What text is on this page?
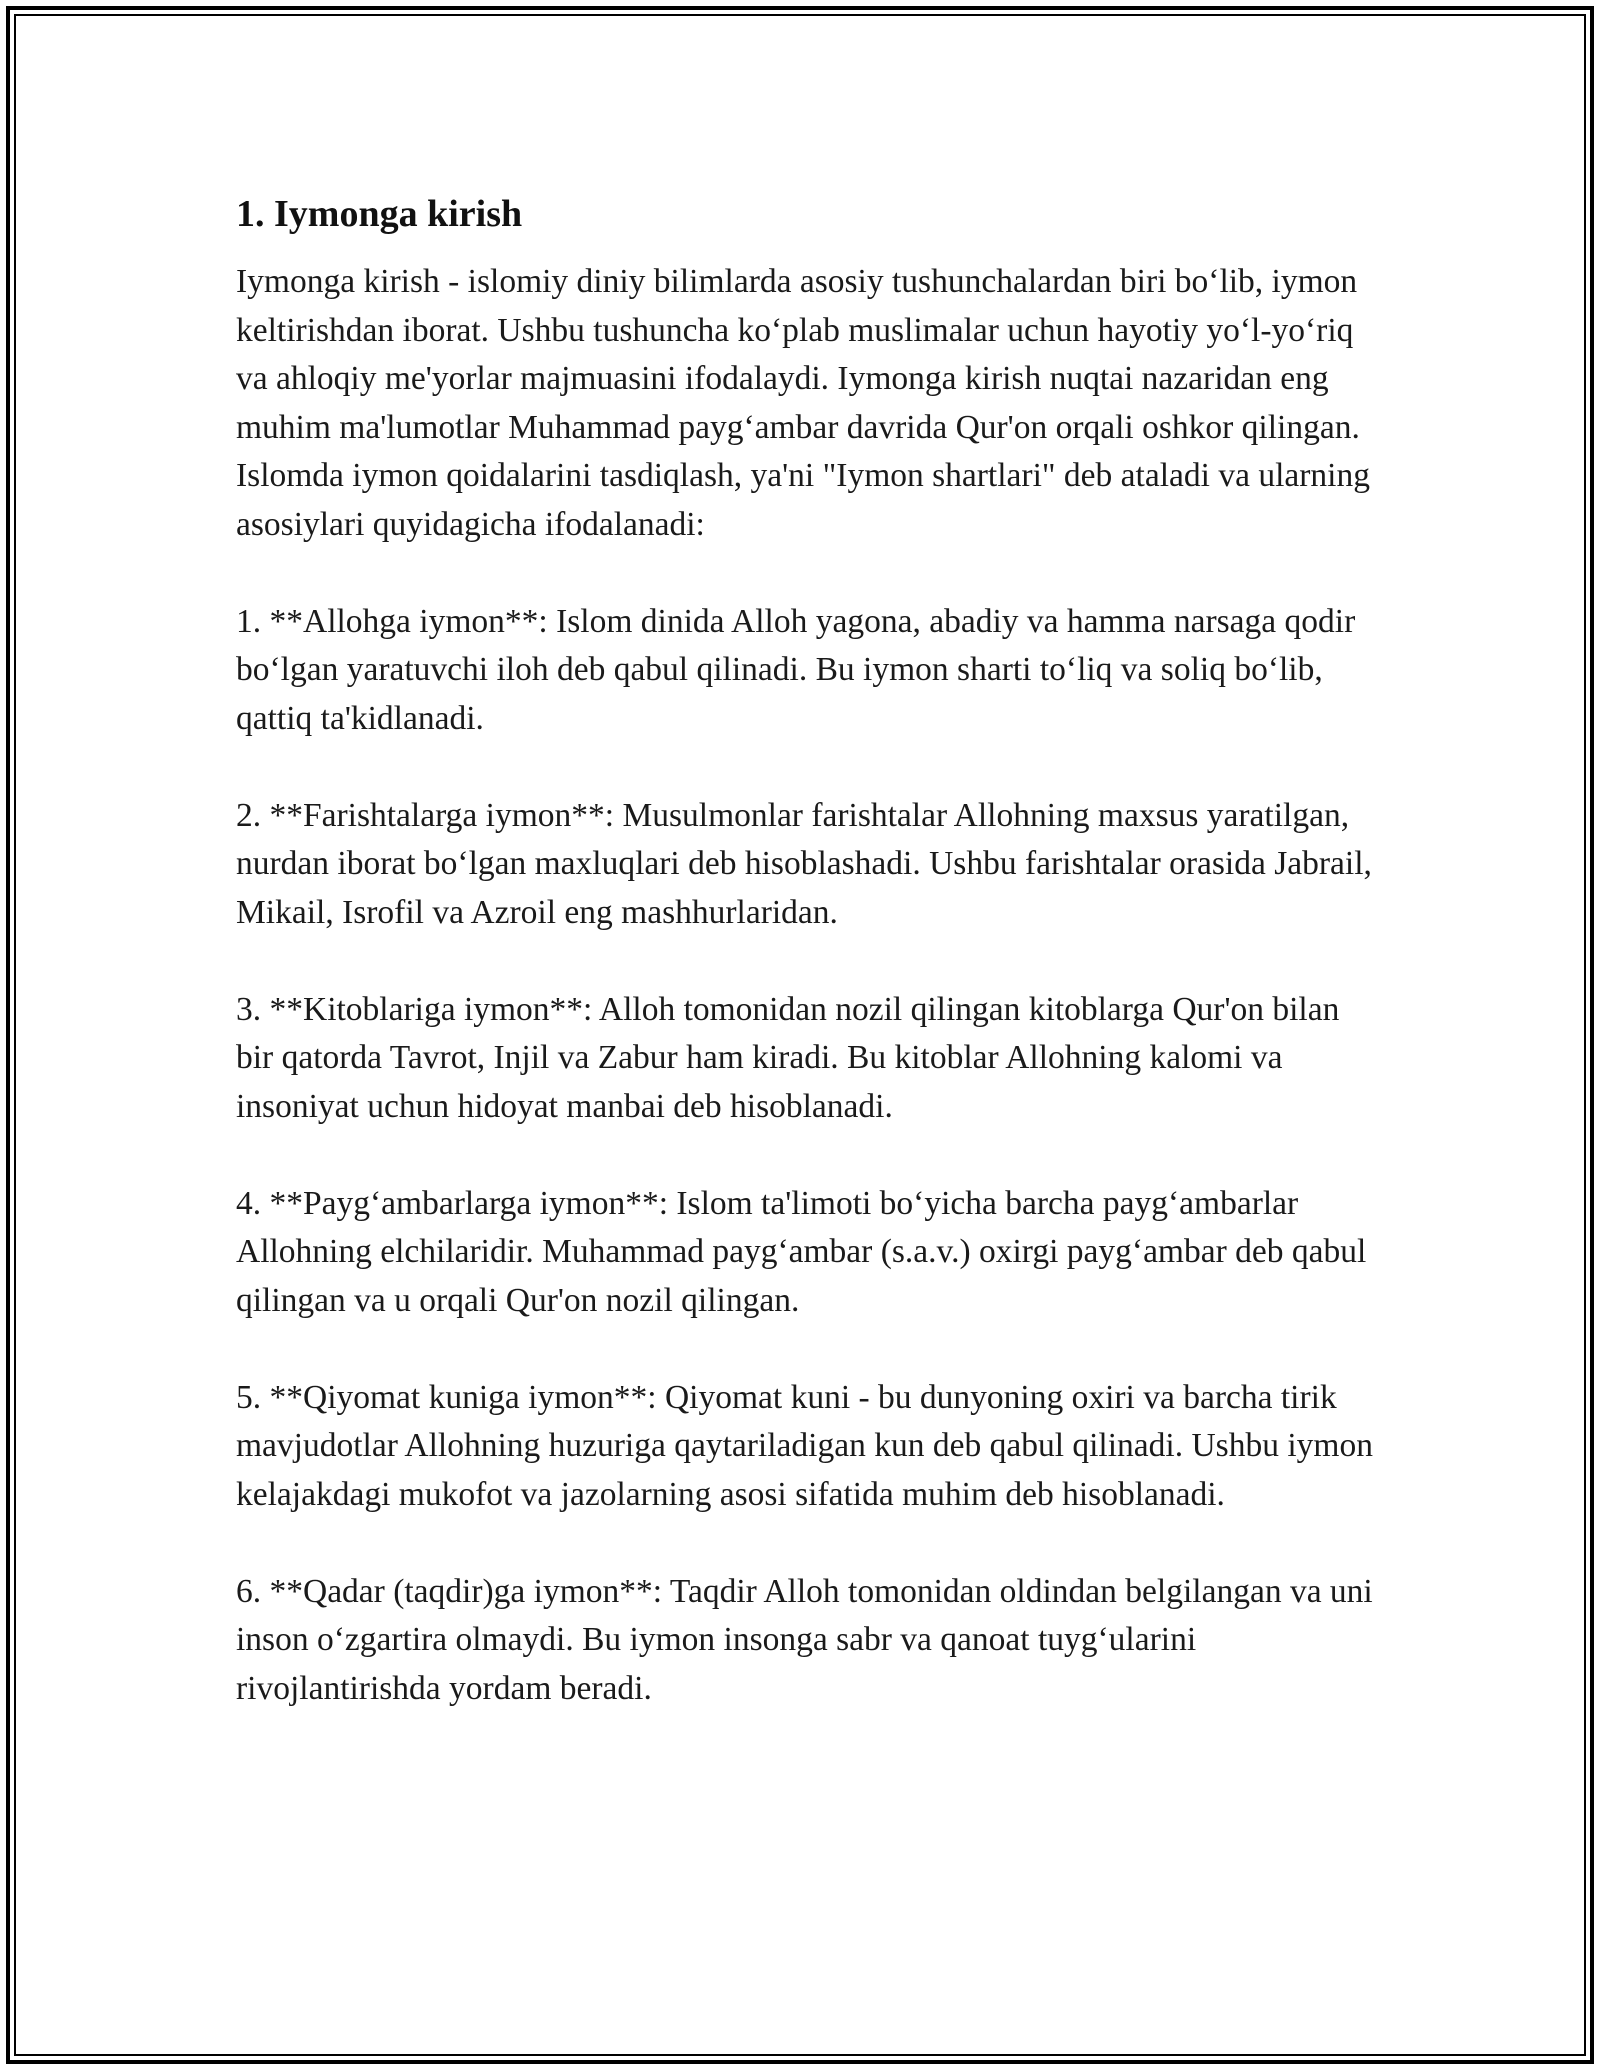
1. Iymonga kirish

Iymonga kirish - islomiy diniy bilimlarda asosiy tushunchalardan biri bo‘lib, iymon keltirishdan iborat. Ushbu tushuncha ko‘plab muslimalar uchun hayotiy yo‘l-yo‘riq va ahloqiy me'yorlar majmuasini ifodalaydi. Iymonga kirish nuqtai nazaridan eng muhim ma'lumotlar Muhammad payg‘ambar davrida Qur'on orqali oshkor qilingan. Islomda iymon qoidalarini tasdiqlash, ya'ni "Iymon shartlari" deb ataladi va ularning asosiylari quyidagicha ifodalanadi:

1. **Allohga iymon**: Islom dinida Alloh yagona, abadiy va hamma narsaga qodir bo‘lgan yaratuvchi iloh deb qabul qilinadi. Bu iymon sharti to‘liq va soliq bo‘lib, qattiq ta'kidlanadi.

2. **Farishtalarga iymon**: Musulmonlar farishtalar Allohning maxsus yaratilgan, nurdan iborat bo‘lgan maxluqlari deb hisoblashadi. Ushbu farishtalar orasida Jabrail, Mikail, Isrofil va Azroil eng mashhurlaridan.

3. **Kitoblariga iymon**: Alloh tomonidan nozil qilingan kitoblarga Qur'on bilan bir qatorda Tavrot, Injil va Zabur ham kiradi. Bu kitoblar Allohning kalomi va insoniyat uchun hidoyat manbai deb hisoblanadi.

4. **Payg‘ambarlarga iymon**: Islom ta'limoti bo‘yicha barcha payg‘ambarlar Allohning elchilaridir. Muhammad payg‘ambar (s.a.v.) oxirgi payg‘ambar deb qabul qilingan va u orqali Qur'on nozil qilingan.

5. **Qiyomat kuniga iymon**: Qiyomat kuni - bu dunyoning oxiri va barcha tirik mavjudotlar Allohning huzuriga qaytariladigan kun deb qabul qilinadi. Ushbu iymon kelajakdagi mukofot va jazolarning asosi sifatida muhim deb hisoblanadi.

6. **Qadar (taqdir)ga iymon**: Taqdir Alloh tomonidan oldindan belgilangan va uni inson o‘zgartira olmaydi. Bu iymon insonga sabr va qanoat tuyg‘ularini rivojlantirishda yordam beradi.
